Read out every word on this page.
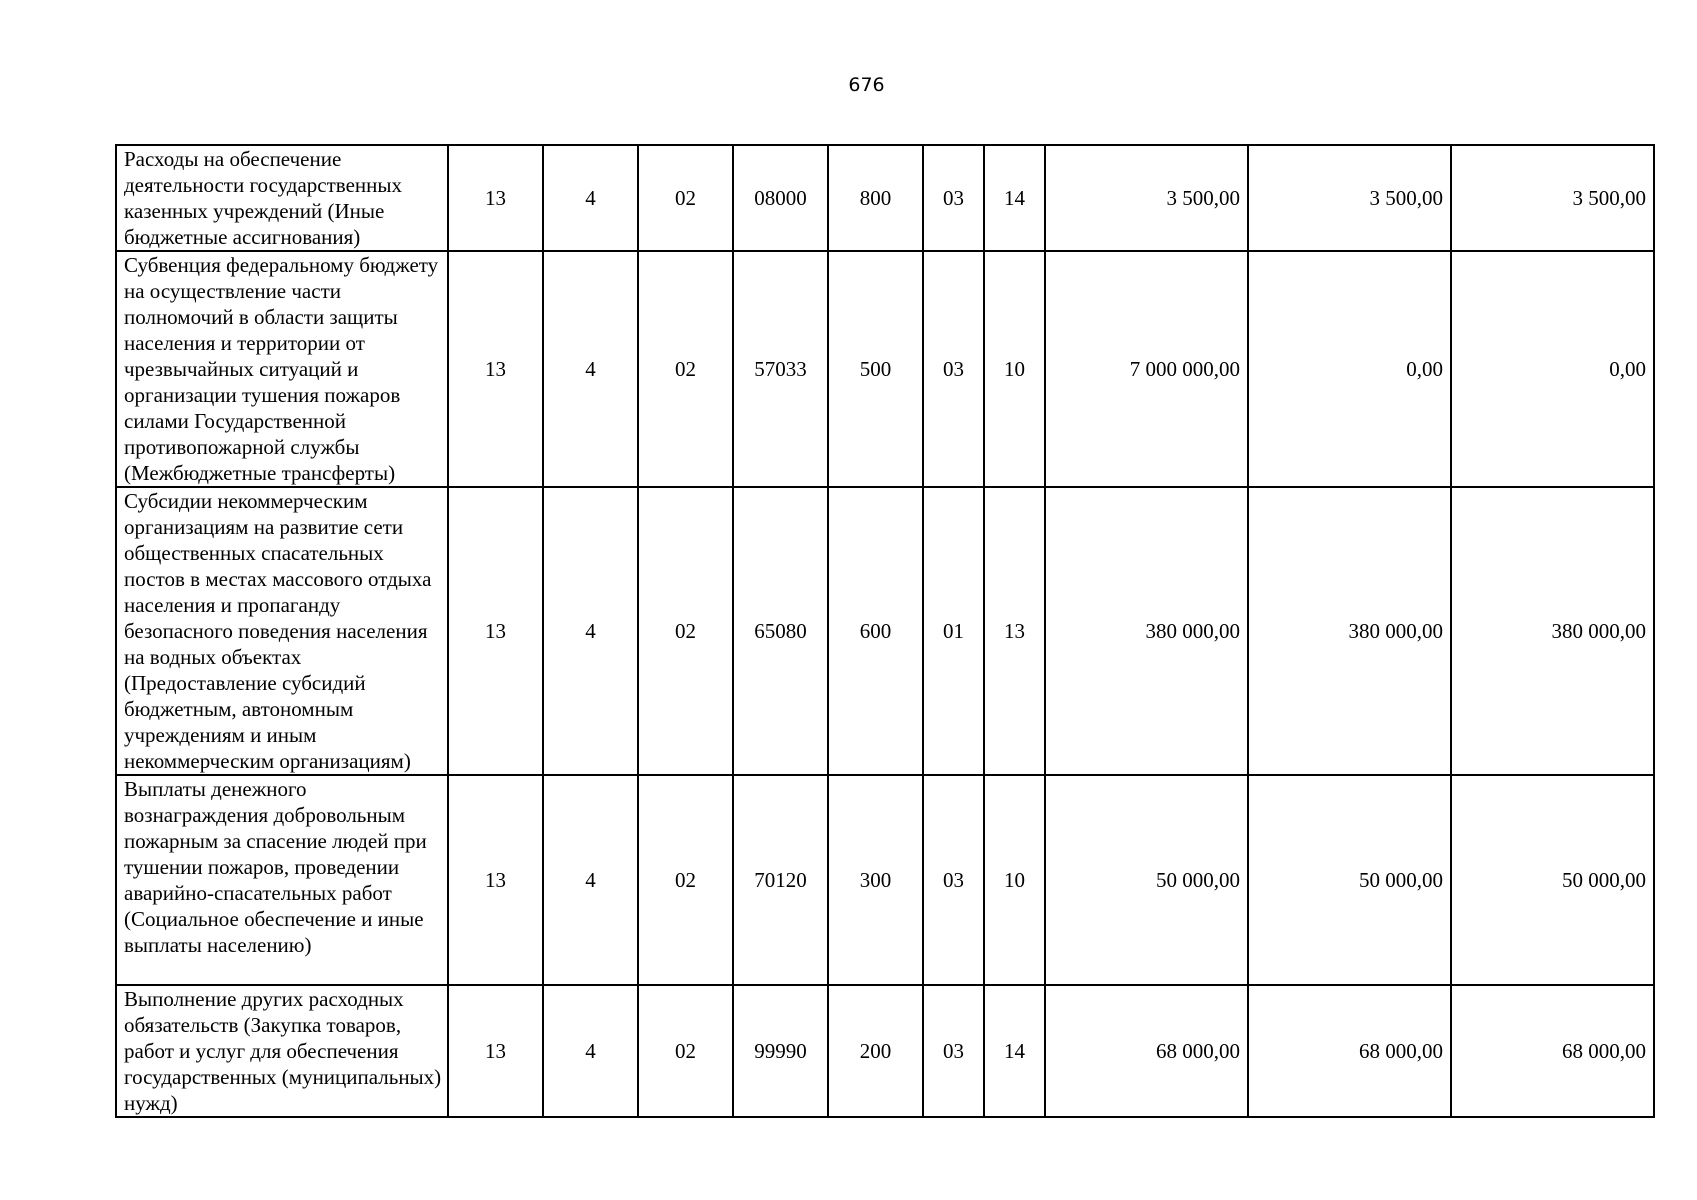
676
Расходы на обеспечение деятельности государственных казенных учреждений (Иные бюджетные ассигнования)	13	4	02	08000	800	03	14	3 500,00	3 500,00	3 500,00
Субвенция федеральному бюджету на осуществление части полномочий в области защиты населения и территории от чрезвычайных ситуаций и организации тушения пожаров силами Государственной противопожарной службы (Межбюджетные трансферты)	13	4	02	57033	500	03	10	7 000 000,00	0,00	0,00
Субсидии некоммерческим организациям на развитие сети общественных спасательных постов в местах массового отдыха населения и пропаганду безопасного поведения населения на водных объектах (Предоставление субсидий бюджетным, автономным учреждениям и иным некоммерческим организациям)	13	4	02	65080	600	01	13	380 000,00	380 000,00	380 000,00
Выплаты денежного вознаграждения добровольным пожарным за спасение людей при тушении пожаров, проведении аварийно-спасательных работ (Социальное обеспечение и иные выплаты населению)	13	4	02	70120	300	03	10	50 000,00	50 000,00	50 000,00
Выполнение других расходных обязательств (Закупка товаров, работ и услуг для обеспечения государственных (муниципальных) нужд)	13	4	02	99990	200	03	14	68 000,00	68 000,00	68 000,00
